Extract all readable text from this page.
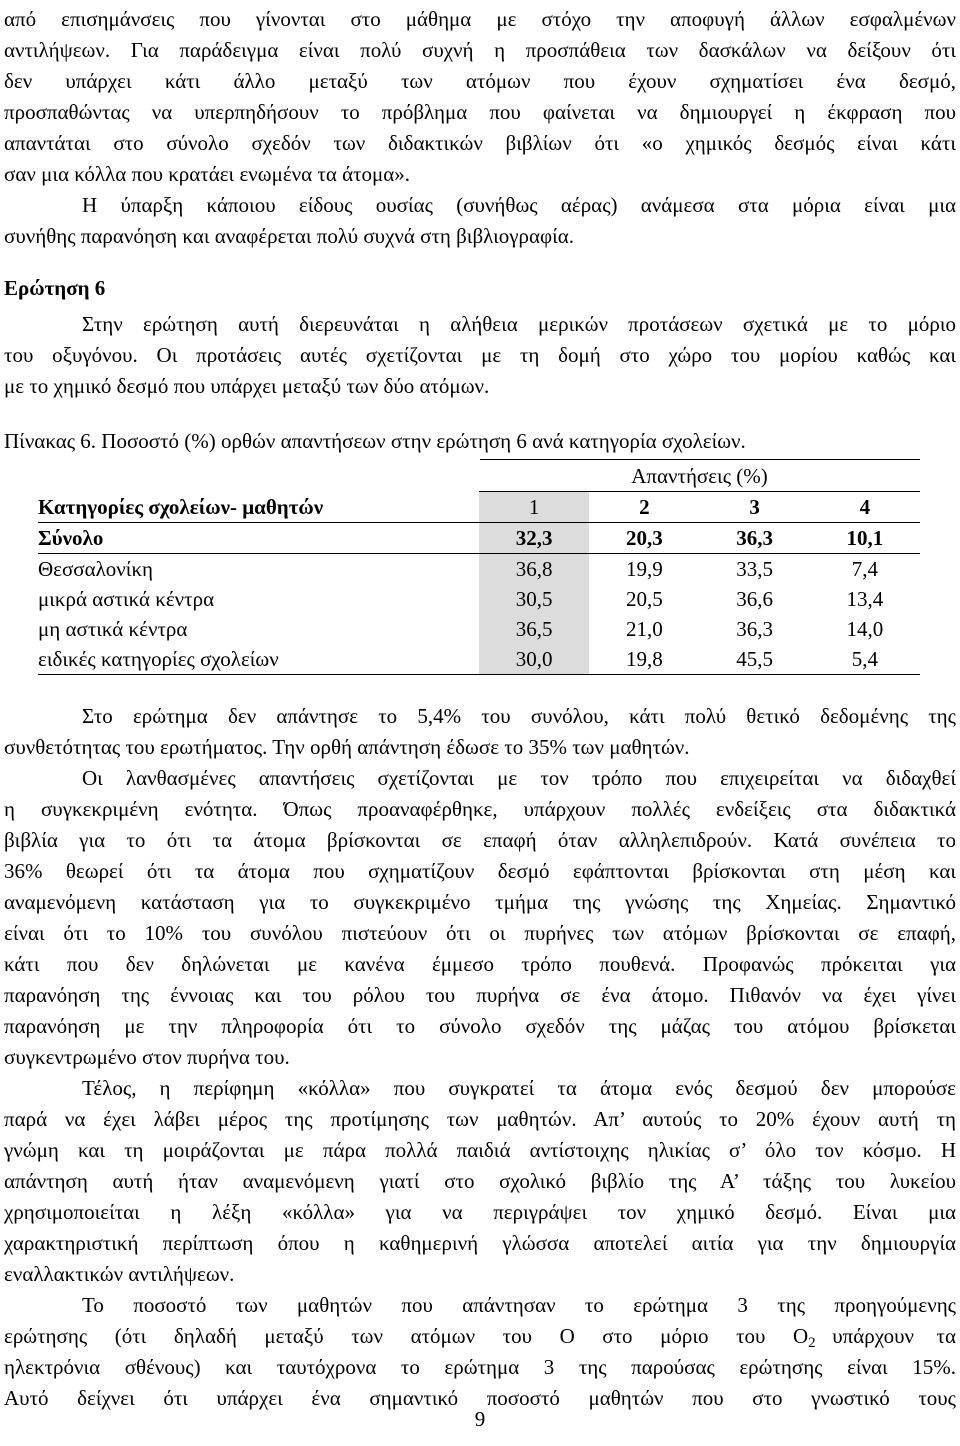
από επισημάνσεις που γίνονται στο μάθημα με στόχο την αποφυγή άλλων εσφαλμένων
αντιλήψεων. Για παράδειγμα είναι πολύ συχνή η προσπάθεια των δασκάλων να δείξουν ότι
δεν υπάρχει κάτι άλλο μεταξύ των ατόμων που έχουν σχηματίσει ένα δεσμό,
προσπαθώντας να υπερπηδήσουν το πρόβλημα που φαίνεται να δημιουργεί η έκφραση που
απαντάται στο σύνολο σχεδόν των διδακτικών βιβλίων ότι «ο χημικός δεσμός είναι κάτι
σαν μια κόλλα που κρατάει ενωμένα τα άτομα».
Η ύπαρξη κάποιου είδους ουσίας (συνήθως αέρας) ανάμεσα στα μόρια είναι μια
συνήθης παρανόηση και αναφέρεται πολύ συχνά στη βιβλιογραφία.
Ερώτηση 6
Στην ερώτηση αυτή διερευνάται η αλήθεια μερικών προτάσεων σχετικά με το μόριο
του οξυγόνου. Οι προτάσεις αυτές σχετίζονται με τη δομή στο χώρο του μορίου καθώς και
με το χημικό δεσμό που υπάρχει μεταξύ των δύο ατόμων.
Πίνακας 6. Ποσοστό (%) ορθών απαντήσεων στην ερώτηση 6 ανά κατηγορία σχολείων.
	Απαντήσεις (%)			
Κατηγορίες σχολείων- μαθητών	1	2	3	4
Σύνολο	32,3	20,3	36,3	10,1
Θεσσαλονίκη	36,8	19,9	33,5	7,4
μικρά αστικά κέντρα	30,5	20,5	36,6	13,4
μη αστικά κέντρα	36,5	21,0	36,3	14,0
ειδικές κατηγορίες σχολείων	30,0	19,8	45,5	5,4
Στο ερώτημα δεν απάντησε το 5,4% του συνόλου, κάτι πολύ θετικό δεδομένης της
συνθετότητας του ερωτήματος. Την ορθή απάντηση έδωσε το 35% των μαθητών.
Οι λανθασμένες απαντήσεις σχετίζονται με τον τρόπο που επιχειρείται να διδαχθεί
η συγκεκριμένη ενότητα. Όπως προαναφέρθηκε, υπάρχουν πολλές ενδείξεις στα διδακτικά
βιβλία για το ότι τα άτομα βρίσκονται σε επαφή όταν αλληλεπιδρούν. Κατά συνέπεια το
36% θεωρεί ότι τα άτομα που σχηματίζουν δεσμό εφάπτονται βρίσκονται στη μέση και
αναμενόμενη κατάσταση για το συγκεκριμένο τμήμα της γνώσης της Χημείας. Σημαντικό
είναι ότι το 10% του συνόλου πιστεύουν ότι οι πυρήνες των ατόμων βρίσκονται σε επαφή,
κάτι που δεν δηλώνεται με κανένα έμμεσο τρόπο πουθενά. Προφανώς πρόκειται για
παρανόηση της έννοιας και του ρόλου του πυρήνα σε ένα άτομο. Πιθανόν να έχει γίνει
παρανόηση με την πληροφορία ότι το σύνολο σχεδόν της μάζας του ατόμου βρίσκεται
συγκεντρωμένο στον πυρήνα του.
Τέλος, η περίφημη «κόλλα» που συγκρατεί τα άτομα ενός δεσμού δεν μπορούσε
παρά να έχει λάβει μέρος της προτίμησης των μαθητών. Απ’ αυτούς το 20% έχουν αυτή τη
γνώμη και τη μοιράζονται με πάρα πολλά παιδιά αντίστοιχης ηλικίας σ’ όλο τον κόσμο. Η
απάντηση αυτή ήταν αναμενόμενη γιατί στο σχολικό βιβλίο της Α’ τάξης του λυκείου
χρησιμοποιείται η λέξη «κόλλα» για να περιγράψει τον χημικό δεσμό. Είναι μια
χαρακτηριστική περίπτωση όπου η καθημερινή γλώσσα αποτελεί αιτία για την δημιουργία
εναλλακτικών αντιλήψεων.
Το ποσοστό των μαθητών που απάντησαν το ερώτημα 3 της προηγούμενης
ερώτησης (ότι δηλαδή μεταξύ των ατόμων του Ο στο μόριο του $O_2$ υπάρχουν τα
ηλεκτρόνια σθένους) και ταυτόχρονα το ερώτημα 3 της παρούσας ερώτησης είναι 15%.
Αυτό δείχνει ότι υπάρχει ένα σημαντικό ποσοστό μαθητών που στο γνωστικό τους
9
